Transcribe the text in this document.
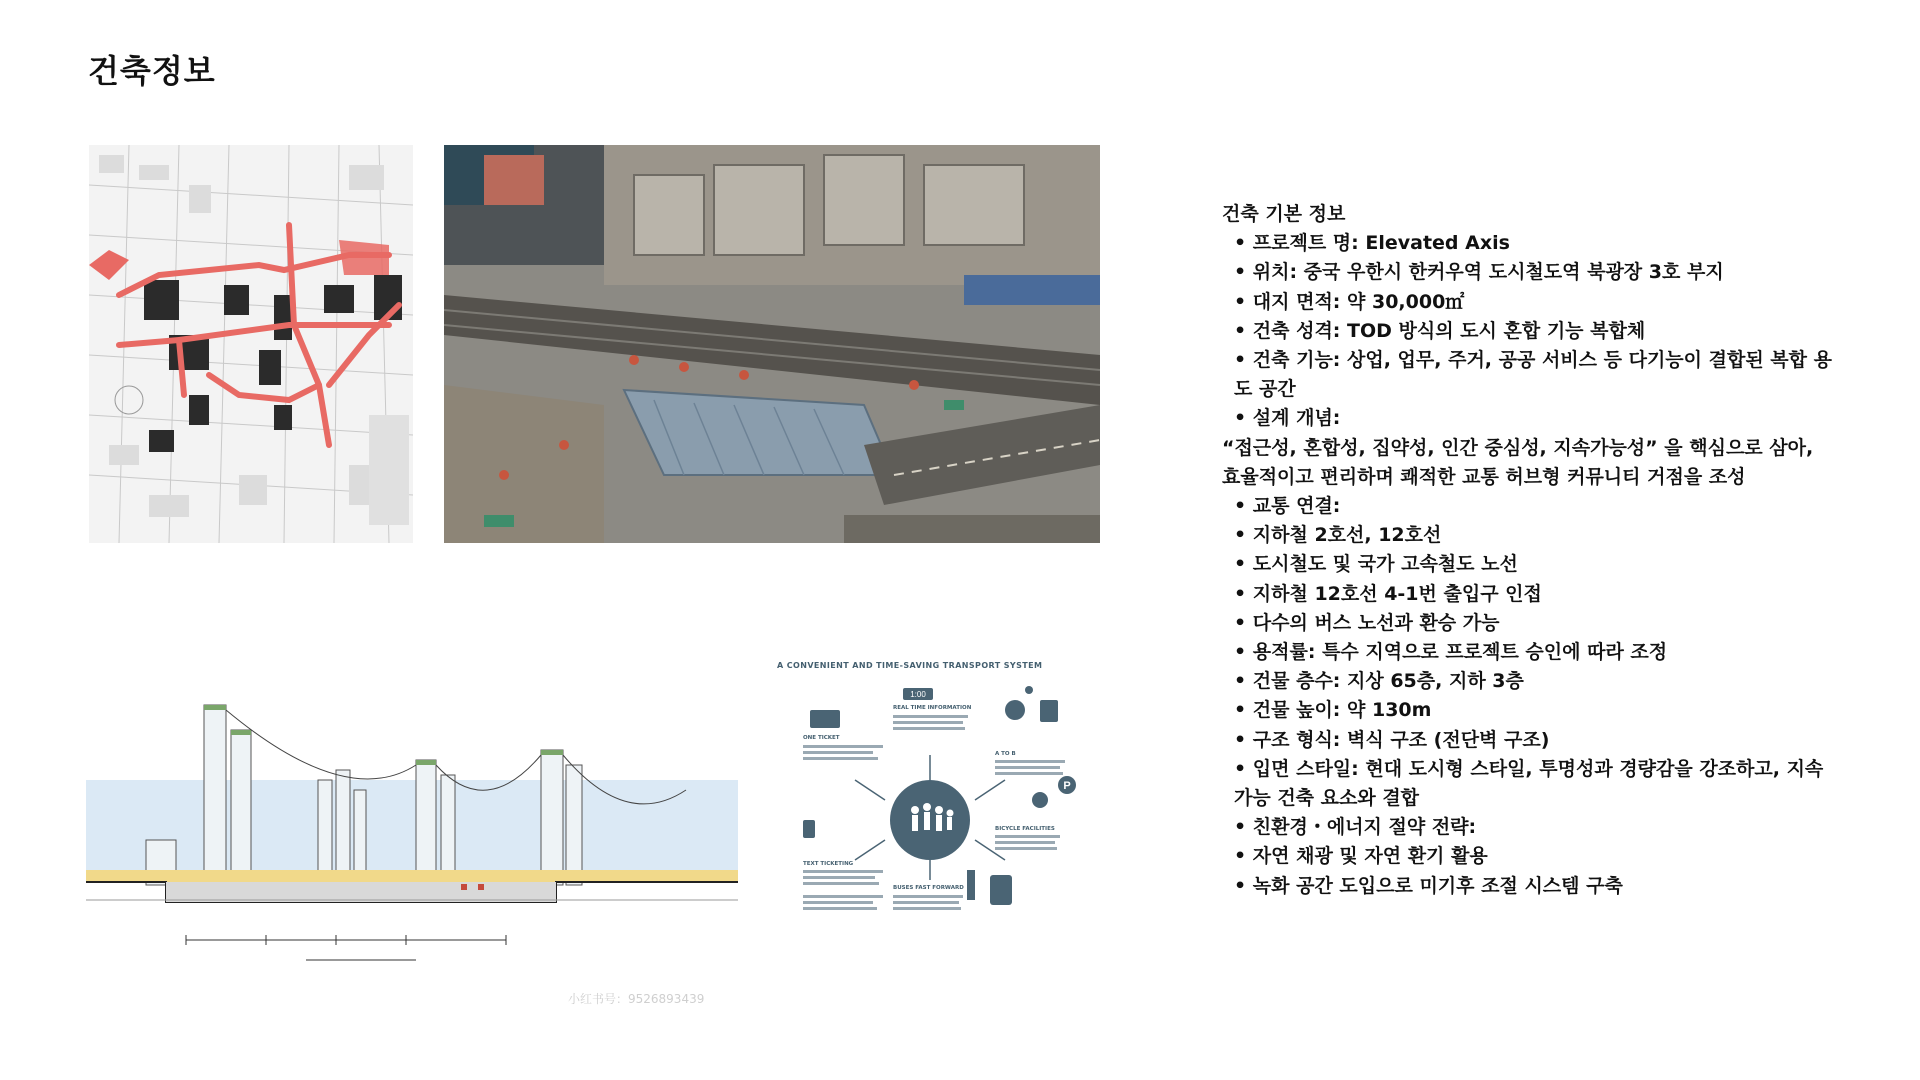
건축정보
A CONVENIENT AND TIME-SAVING TRANSPORT SYSTEM
1:00
P
ONE TICKET
REAL TIME INFORMATION
A TO B
TEXT TICKETING
BICYCLE FACILITIES
BUSES FAST FORWARD
小红书号：9526893439
건축 기본 정보
• 프로젝트 명: Elevated Axis
• 위치: 중국 우한시 한커우역 도시철도역 북광장 3호 부지
• 대지 면적: 약 30,000㎡
• 건축 성격: TOD 방식의 도시 혼합 기능 복합체
• 건축 기능: 상업, 업무, 주거, 공공 서비스 등 다기능이 결합된 복합 용도 공간
• 설계 개념:
“접근성, 혼합성, 집약성, 인간 중심성, 지속가능성” 을 핵심으로 삼아,
효율적이고 편리하며 쾌적한 교통 허브형 커뮤니티 거점을 조성
• 교통 연결:
• 지하철 2호선, 12호선
• 도시철도 및 국가 고속철도 노선
• 지하철 12호선 4-1번 출입구 인접
• 다수의 버스 노선과 환승 가능
• 용적률: 특수 지역으로 프로젝트 승인에 따라 조정
• 건물 층수: 지상 65층, 지하 3층
• 건물 높이: 약 130m
• 구조 형식: 벽식 구조 (전단벽 구조)
• 입면 스타일: 현대 도시형 스타일, 투명성과 경량감을 강조하고, 지속가능 건축 요소와 결합
• 친환경・에너지 절약 전략:
• 자연 채광 및 자연 환기 활용
• 녹화 공간 도입으로 미기후 조절 시스템 구축
